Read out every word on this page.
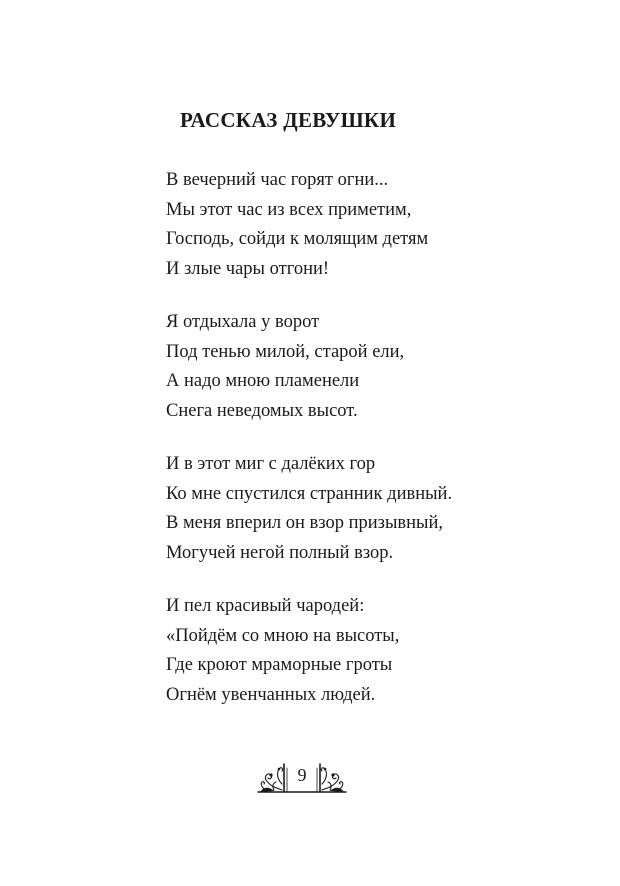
РАССКАЗ ДЕВУШКИ
В вечерний час горят огни...
Мы этот час из всех приметим,
Господь, сойди к молящим детям
И злые чары отгони!
Я отдыхала у ворот
Под тенью милой, старой ели,
А надо мною пламенели
Снега неведомых высот.
И в этот миг с далёких гор
Ко мне спустился странник дивный.
В меня вперил он взор призывный,
Могучей негой полный взор.
И пел красивый чародей:
«Пойдём со мною на высоты,
Где кроют мраморные гроты
Огнём увенчанных людей.
9
